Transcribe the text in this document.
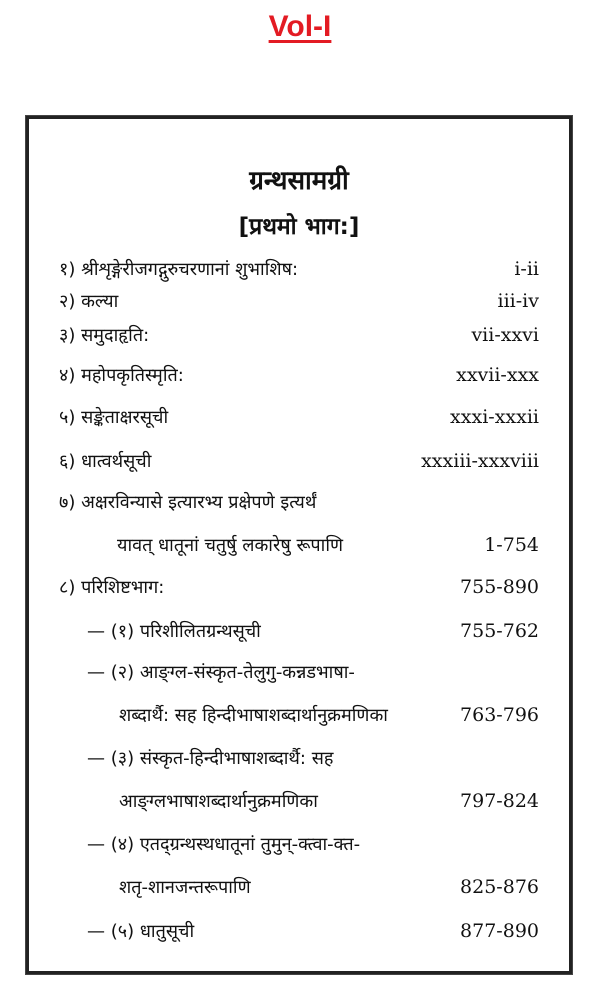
Vol-I
ग्रन्थसामग्री
[प्रथमो भाग:]
१) श्रीशृङ्गेरीजगद्गुरुचरणानां शुभाशिष:	i-ii
२) कल्या	iii-iv
३) समुदाहृति:	vii-xxvi
४) महोपकृतिस्मृति:	xxvii-xxx
५) सङ्केताक्षरसूची	xxxi-xxxii
६) धात्वर्थसूची	xxxiii-xxxviii
७) अक्षरविन्यासे इत्यारभ्य प्रक्षेपणे इत्यर्थं
यावत् धातूनां चतुर्षु लकारेषु रूपाणि	1-754
८) परिशिष्टभाग:	755-890
— (१) परिशीलितग्रन्थसूची	755-762
— (२) आङ्ग्ल-संस्कृत-तेलुगु-कन्नडभाषा-
शब्दार्थै: सह हिन्दीभाषाशब्दार्थानुक्रमणिका	763-796
— (३) संस्कृत-हिन्दीभाषाशब्दार्थै: सह
आङ्ग्लभाषाशब्दार्थानुक्रमणिका	797-824
— (४) एतद्ग्रन्थस्थधातूनां तुमुन्-क्त्वा-क्त-
शतृ-शानजन्तरूपाणि	825-876
— (५) धातुसूची	877-890
